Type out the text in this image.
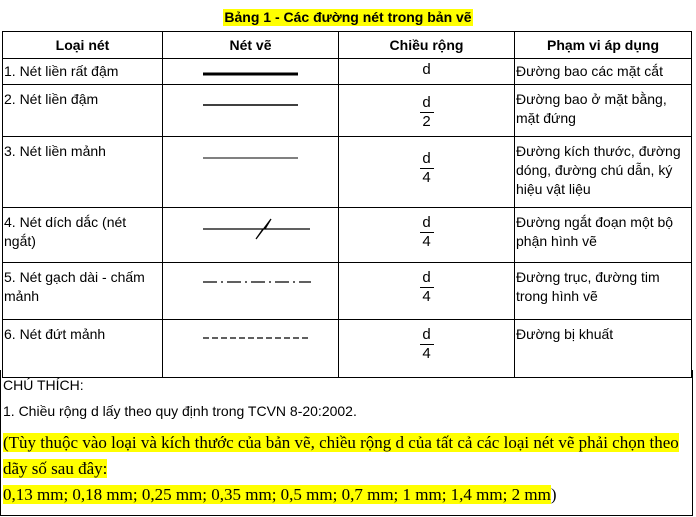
Bảng 1 - Các đường nét trong bản vẽ
Loại nét	Nét vẽ	Chiều rộng	Phạm vi áp dụng
1. Nét liền rất đậm		d	Đường bao các mặt cắt
2. Nét liền đậm		$\frac{d}{2}$	Đường bao ở mặt bằng, mặt đứng
3. Nét liền mảnh		$\frac{d}{4}$	Đường kích thước, đường dóng, đường chú dẫn, ký hiệu vật liệu
4. Nét dích dắc (nét ngắt)		$\frac{d}{4}$	Đường ngắt đoạn một bộ phận hình vẽ
5. Nét gạch dài - chấm mảnh		$\frac{d}{4}$	Đường trục, đường tim trong hình vẽ
6. Nét đứt mảnh		$\frac{d}{4}$	Đường bị khuất
CHÚ THÍCH:
1. Chiều rộng d lấy theo quy định trong TCVN 8-20:2002.
(Tùy thuộc vào loại và kích thước của bản vẽ, chiều rộng d của tất cả các loại nét vẽ phải chọn theo dãy số sau đây:
0,13 mm; 0,18 mm; 0,25 mm; 0,35 mm; 0,5 mm; 0,7 mm; 1 mm; 1,4 mm; 2 mm)
